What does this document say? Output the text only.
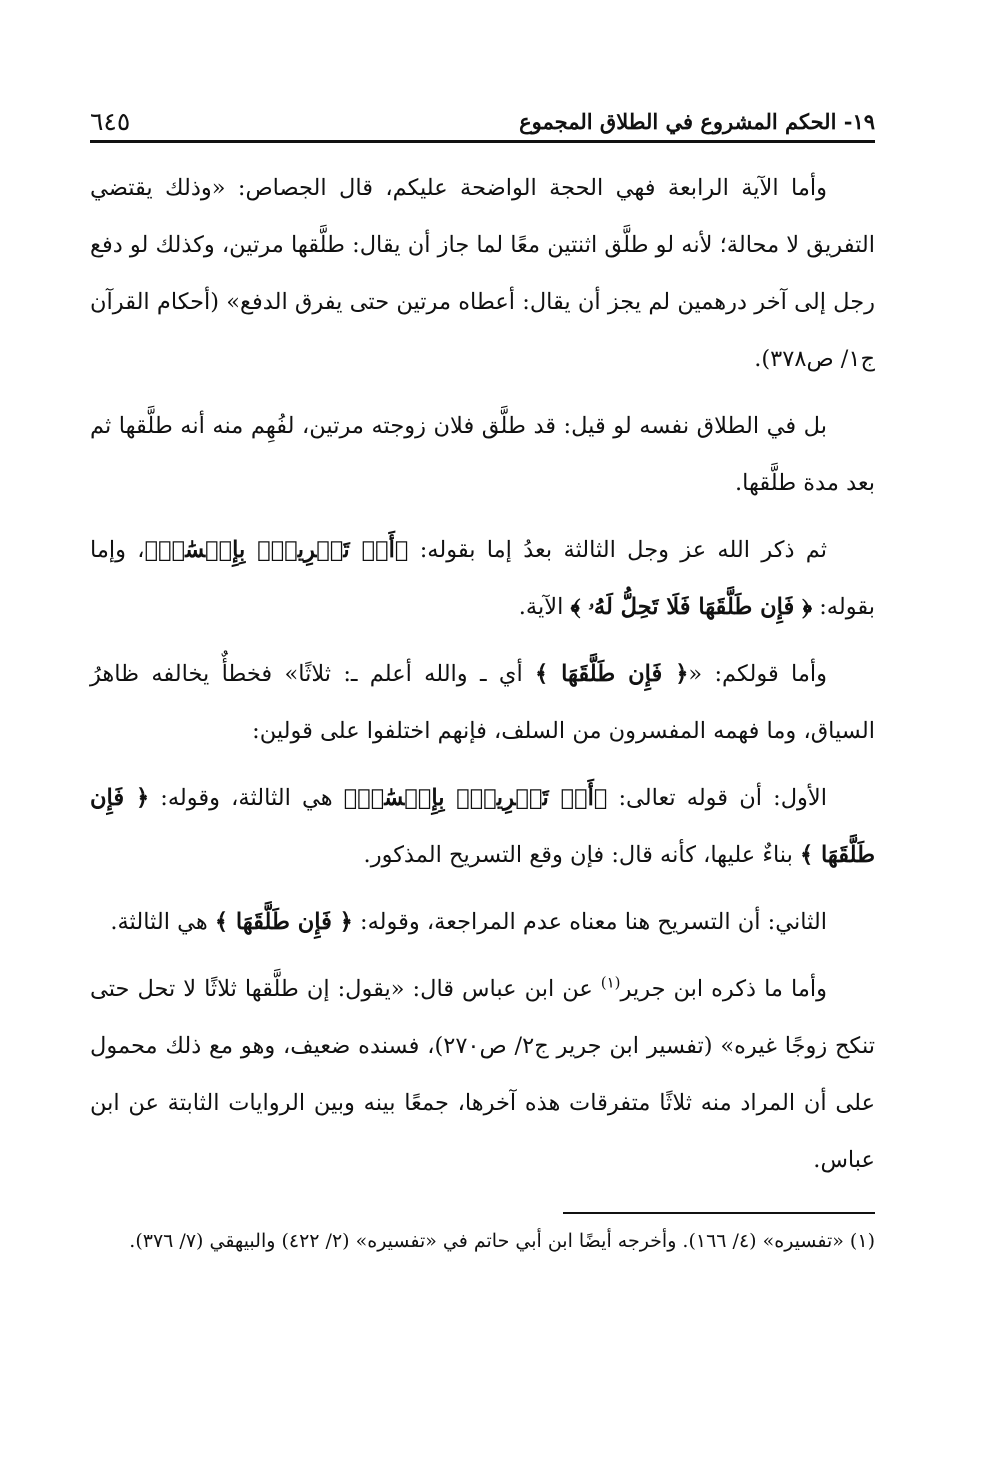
١٩- الحكم المشروع في الطلاق المجموع
٦٤٥

وأما الآية الرابعة فهي الحجة الواضحة عليكم، قال الجصاص: «وذلك يقتضي التفريق لا محالة؛ لأنه لو طلَّق اثنتين معًا لما جاز أن يقال: طلَّقها مرتين، وكذلك لو دفع رجل إلى آخر درهمين لم يجز أن يقال: أعطاه مرتين حتى يفرق الدفع» (أحكام القرآن ج١/ ص٣٧٨).

بل في الطلاق نفسه لو قيل: قد طلَّق فلان زوجته مرتين، لفُهِم منه أنه طلَّقها ثم بعد مدة طلَّقها.

ثم ذكر الله عز وجل الثالثة بعدُ إما بقوله: ﴿أَوۡ تَسۡرِيحُۢ بِإِحۡسَٰنٖ﴾، وإما بقوله: ﴿ فَإِن طَلَّقَهَا فَلَا تَحِلُّ لَهُۥ ﴾ الآية.

وأما قولكم: «﴿ فَإِن طَلَّقَهَا ﴾ أي ـ والله أعلم ـ: ثلاثًا» فخطأٌ يخالفه ظاهرُ السياق، وما فهمه المفسرون من السلف، فإنهم اختلفوا على قولين:

الأول: أن قوله تعالى: ﴿أَوۡ تَسۡرِيحُۢ بِإِحۡسَٰنٖ﴾ هي الثالثة، وقوله: ﴿ فَإِن طَلَّقَهَا ﴾ بناءٌ عليها، كأنه قال: فإن وقع التسريح المذكور.

الثاني: أن التسريح هنا معناه عدم المراجعة، وقوله: ﴿ فَإِن طَلَّقَهَا ﴾ هي الثالثة.

وأما ما ذكره ابن جرير$^{(١)}$ عن ابن عباس قال: «يقول: إن طلَّقها ثلاثًا لا تحل حتى تنكح زوجًا غيره» (تفسير ابن جرير ج٢/ ص٢٧٠)، فسنده ضعيف، وهو مع ذلك محمول على أن المراد منه ثلاثًا متفرقات هذه آخرها، جمعًا بينه وبين الروايات الثابتة عن ابن عباس.

(١) «تفسيره» (٤/ ١٦٦). وأخرجه أيضًا ابن أبي حاتم في «تفسيره» (٢/ ٤٢٢) والبيهقي (٧/ ٣٧٦).
